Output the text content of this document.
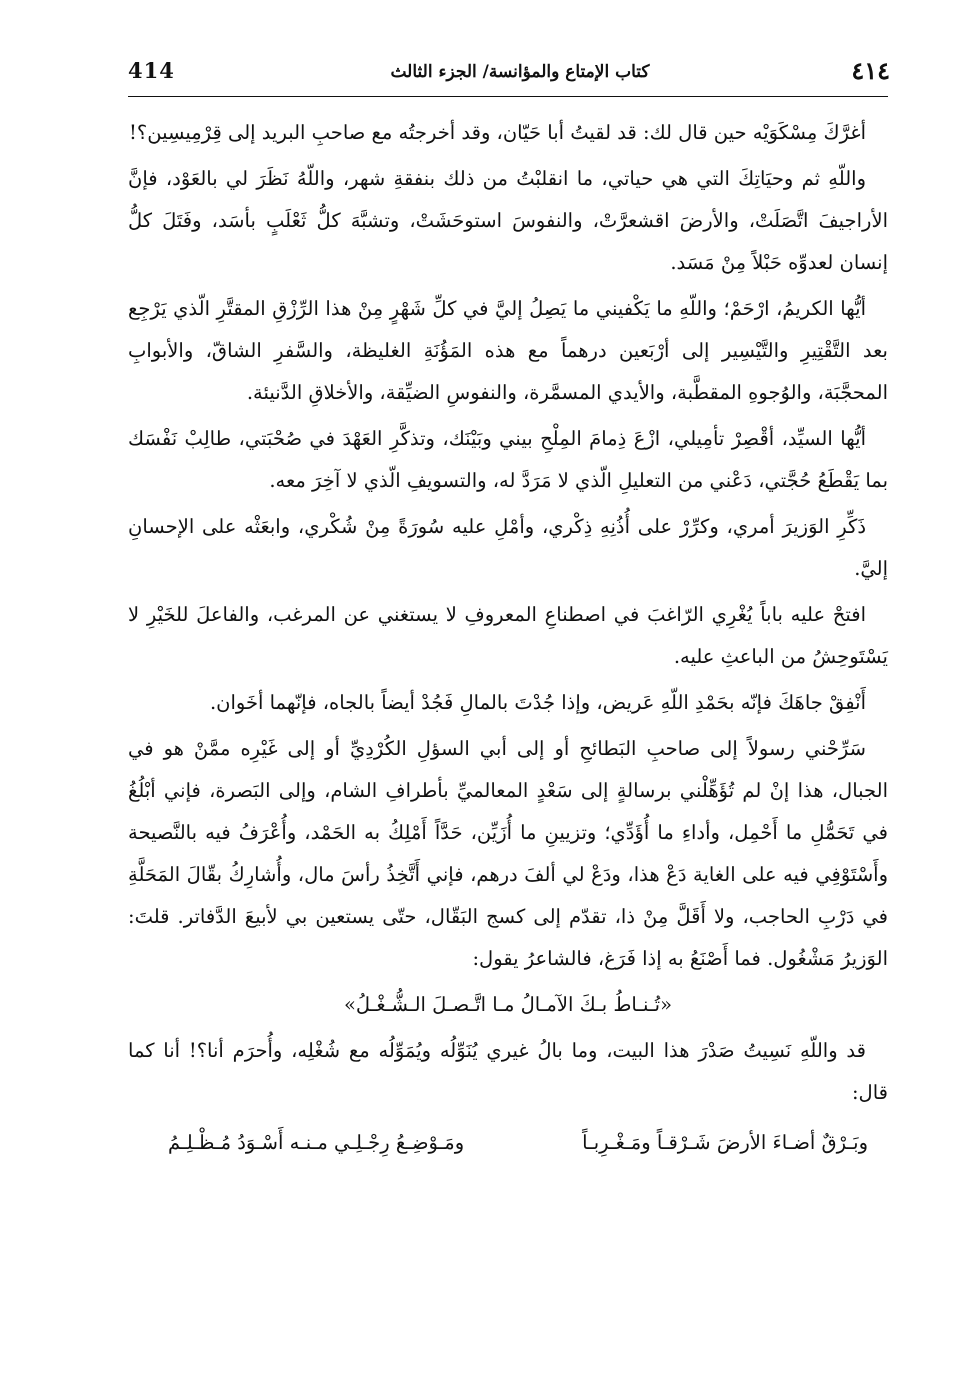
414	كتاب الإمتاع والمؤانسة/ الجزء الثالث	٤١٤

أغرَّكَ مِسْكَوَيْه حين قال لك: قد لقيتُ أبا حَيّان، وقد أخرجتُه مع صاحبِ البريد إلى قِرْمِيسِين؟!

واللّهِ ثم وحيَاتِكَ التي هي حياتي، ما انقلبْتُ من ذلك بنفقةِ شهر، واللّهُ نَظَرَ لي بالعَوْد، فإنَّ الأراجيفَ اتَّصَلَتْ، والأرضَ اقشعرَّتْ، والنفوسَ استوحَشَتْ، وتشبَّهَ كلُّ ثَعْلَبٍ بأسَد، وفَتَلَ كلُّ إنسان لعدوِّه حَبْلاً مِنْ مَسَد.

أيُّها الكريمُ، ارْحَمْ؛ واللّهِ ما يَكْفيني ما يَصِلُ إليَّ في كلِّ شَهْرٍ مِنْ هذا الرِّزْقِ المقتَّرِ الّذي يَرْجِع بعد التَّقْتِيرِ والتَّيْسِير إلى أرْبَعين درهماً مع هذه المَؤُنَةِ الغليظة، والسَّفرِ الشاقّ، والأبوابِ المحجَّبَة، والوُجوهِ المقطَّبة، والأيدي المسمَّرة، والنفوسِ الضيِّقة، والأخلاقِ الدَّنيئة.

أيُّها السيِّد، أقْصِرْ تأمِيلي، ازْعَ ذِمامَ المِلْحِ بيني وبَيْنَك، وتذكَّرِ العَهْدَ في صُحْبَتي، طالِبْ نَفْسَك بما يَقْطَعُ حُجَّتي، دَعْني من التعليلِ الّذي لا مَرَدَّ له، والتسويفِ الّذي لا آخِرَ معه.

ذَكِّرِ الوَزيرَ أمري، وكرِّرْ على أُذُنِهِ ذِكْري، وأمْلِ عليه سُورَةً مِنْ شُكْري، وابعَثْه على الإحسانِ إليَّ.

افتحْ عليه باباً يُغْرِي الرّاغبَ في اصطناعِ المعروفِ لا يستغني عن المرغب، والفاعلَ للخَيْرِ لا يَسْتَوحِشُ من الباعثِ عليه.

أَنْفِقْ جاهَكَ فإنّه بحَمْدِ اللّهِ عَريض، وإذا جُدْتَ بالمالِ فَجُدْ أيضاً بالجاه، فإنّهما أخَوان.

سَرِّحْني رسولاً إلى صاحبِ البَطائحِ أو إلى أبي السؤلِ الكُرْدِيِّ أو إلى غَيْرِه ممَّنْ هو في الجبال، هذا إنْ لم تُؤَهِّلْني برسالةٍ إلى سَعْدٍ المعالميِّ بأطرافِ الشام، وإلى البَصرة، فإني أبْلُغُ في تَحَمُّلِ ما أَحْمِل، وأداءِ ما أُؤَدِّي؛ وتزيينِ ما أُزَيِّن، حَدَّاً أَمْلِكُ به الحَمْد، وأُعْرَفُ فيه بالنَّصيحة وأَسْتَوْفِي فيه على الغاية دَعْ هذا، ودَعْ لي ألفَ درهم، فإني أَتَّخِذُ رأسَ مال، وأُشارِكُ بقّالَ المَحَلَّةِ في دَرْبِ الحاجب، ولا أَقَلَّ مِنْ ذا، تقدّم إلى كسج البَقّال، حتّى يستعين بي لأبيعَ الدَّفاتر. قلتَ: الوَزيرُ مَشْغُول. فما أَصْنَعُ به إذا فَرَغ، فالشاعرُ يقول:

«تُـنـاطُ بـكَ الآمـالُ مـا اتَّـصـلَ الـشُّـغْـلُ»

قد واللّهِ نَسِيتُ صَدْرَ هذا البيت، وما بالُ غيري يُنَوِّلُه ويُمَوِّلُه مع شُغْلِه، وأُحرَم أنا؟! أنا كما قال:

وبَـرْقٌ أضـاءَ الأرضَ شَـرْقـاً ومَـغْـرِبـاً
ومَـوْضِـعُ رِجْـلِـي مـنـه أَسْـوَدُ مُـظْـلِـمُ
